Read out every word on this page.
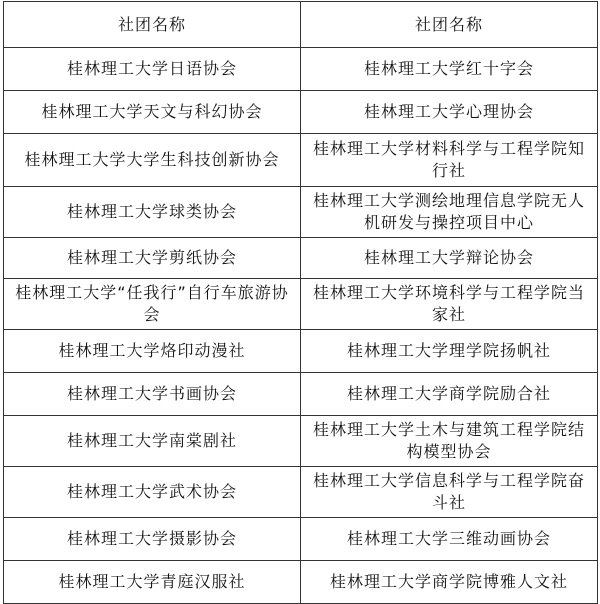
社团名称	社团名称
桂林理工大学日语协会	桂林理工大学红十字会
桂林理工大学天文与科幻协会	桂林理工大学心理协会
桂林理工大学大学生科技创新协会	桂林理工大学材料科学与工程学院知行社
桂林理工大学球类协会	桂林理工大学测绘地理信息学院无人机研发与操控项目中心
桂林理工大学剪纸协会	桂林理工大学辩论协会
桂林理工大学“任我行”自行车旅游协会	桂林理工大学环境科学与工程学院当家社
桂林理工大学烙印动漫社	桂林理工大学理学院扬帆社
桂林理工大学书画协会	桂林理工大学商学院励合社
桂林理工大学南棠剧社	桂林理工大学土木与建筑工程学院结构模型协会
桂林理工大学武术协会	桂林理工大学信息科学与工程学院奋斗社
桂林理工大学摄影协会	桂林理工大学三维动画协会
桂林理工大学青庭汉服社	桂林理工大学商学院博雅人文社
